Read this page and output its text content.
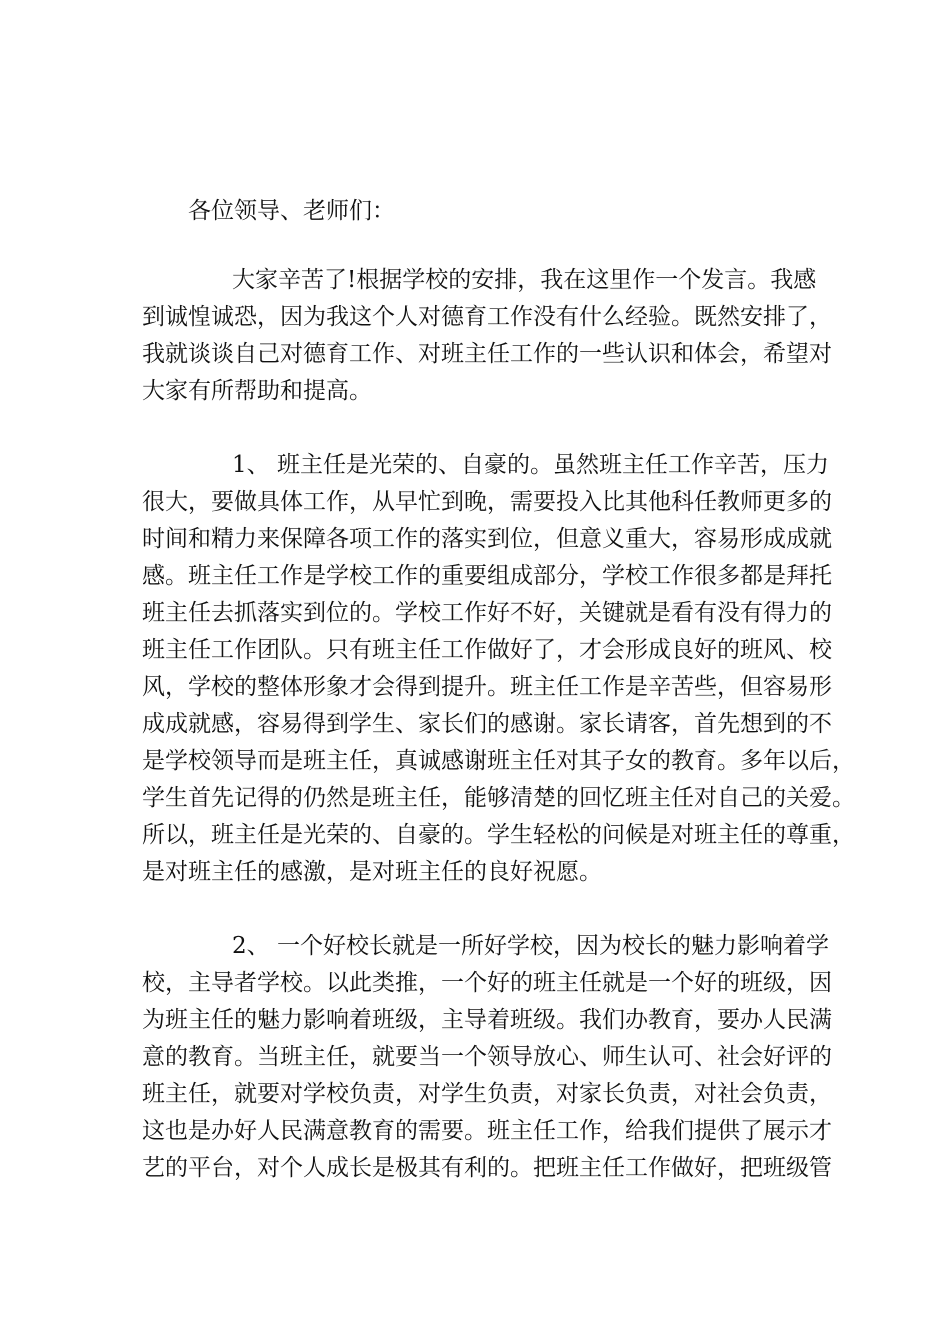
各位领导、老师们：
大家辛苦了!根据学校的安排，我在这里作一个发言。我感
到诚惶诚恐，因为我这个人对德育工作没有什么经验。既然安排了，
我就谈谈自己对德育工作、对班主任工作的一些认识和体会，希望对
大家有所帮助和提高。
1、 班主任是光荣的、自豪的。虽然班主任工作辛苦，压力
很大，要做具体工作，从早忙到晚，需要投入比其他科任教师更多的
时间和精力来保障各项工作的落实到位，但意义重大，容易形成成就
感。班主任工作是学校工作的重要组成部分，学校工作很多都是拜托
班主任去抓落实到位的。学校工作好不好，关键就是看有没有得力的
班主任工作团队。只有班主任工作做好了，才会形成良好的班风、校
风，学校的整体形象才会得到提升。班主任工作是辛苦些，但容易形
成成就感，容易得到学生、家长们的感谢。家长请客，首先想到的不
是学校领导而是班主任，真诚感谢班主任对其子女的教育。多年以后，
学生首先记得的仍然是班主任，能够清楚的回忆班主任对自己的关爱。
所以，班主任是光荣的、自豪的。学生轻松的问候是对班主任的尊重，
是对班主任的感激，是对班主任的良好祝愿。
2、 一个好校长就是一所好学校，因为校长的魅力影响着学
校，主导者学校。以此类推，一个好的班主任就是一个好的班级，因
为班主任的魅力影响着班级，主导着班级。我们办教育，要办人民满
意的教育。当班主任，就要当一个领导放心、师生认可、社会好评的
班主任，就要对学校负责，对学生负责，对家长负责，对社会负责，
这也是办好人民满意教育的需要。班主任工作，给我们提供了展示才
艺的平台，对个人成长是极其有利的。把班主任工作做好，把班级管
